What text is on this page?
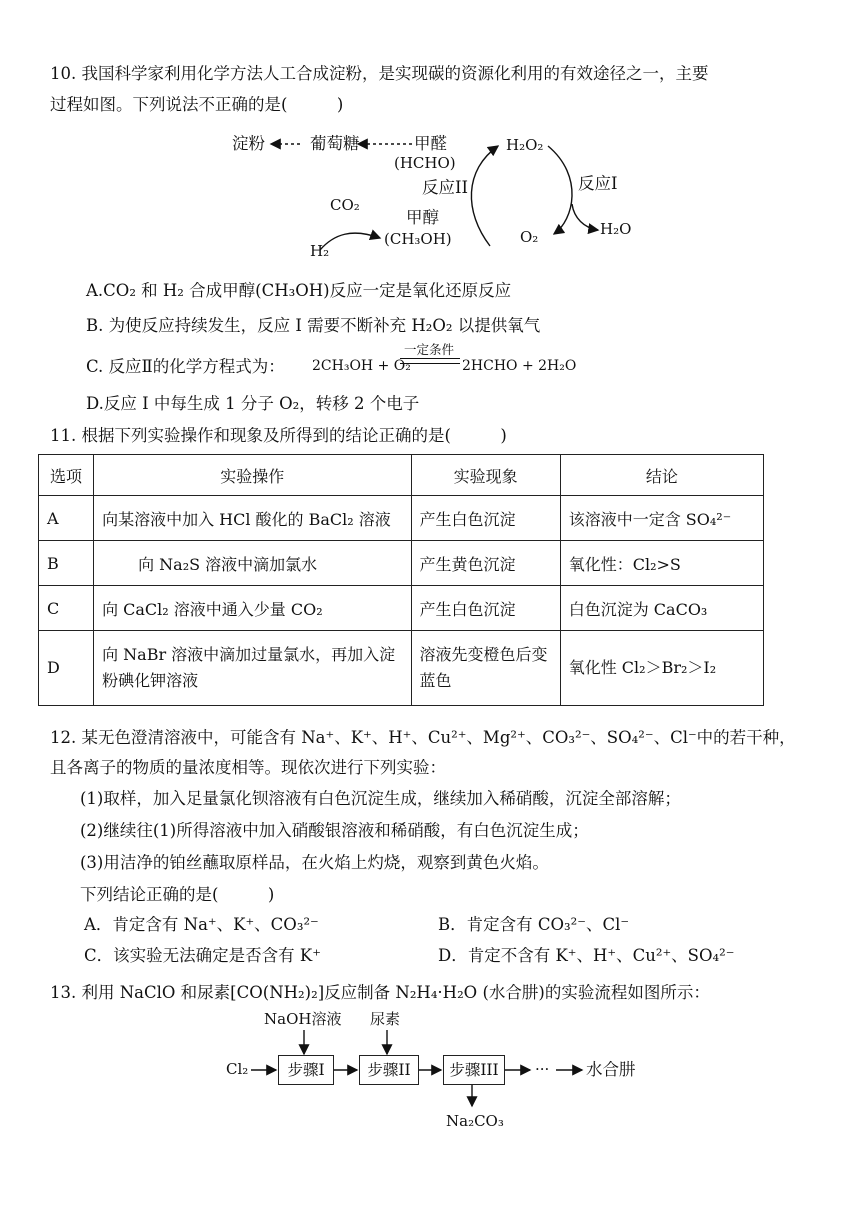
10. 我国科学家利用化学方法人工合成淀粉，是实现碳的资源化利用的有效途径之一，主要
过程如图。下列说法不正确的是(　　　)
淀粉	葡萄糖	甲醛
(HCHO)
H₂O₂
反应II	反应I
CO₂
甲醇
(CH₃OH)
H₂
O₂	H₂O
A.CO₂ 和 H₂ 合成甲醇(CH₃OH)反应一定是氧化还原反应
B. 为使反应持续发生，反应 I 需要不断补充 H₂O₂ 以提供氧气
C. 反应Ⅱ的化学方程式为： 2CH₃OH + O₂
一定条件
2HCHO + 2H₂O
D.反应 I 中每生成 1 分子 O₂，转移 2 个电子
11. 根据下列实验操作和现象及所得到的结论正确的是(　　　)
选项	实验操作	实验现象	结论
A	向某溶液中加入 HCl 酸化的 BaCl₂ 溶液	产生白色沉淀	该溶液中一定含 SO₄²⁻
B	向 Na₂S 溶液中滴加氯水	产生黄色沉淀	氧化性：Cl₂>S
C	向 CaCl₂ 溶液中通入少量 CO₂	产生白色沉淀	白色沉淀为 CaCO₃
D	向 NaBr 溶液中滴加过量氯水，再加入淀粉碘化钾溶液	溶液先变橙色后变蓝色	氧化性 Cl₂＞Br₂＞I₂
12. 某无色澄清溶液中，可能含有 Na⁺、K⁺、H⁺、Cu²⁺、Mg²⁺、CO₃²⁻、SO₄²⁻、Cl⁻中的若干种，
且各离子的物质的量浓度相等。现依次进行下列实验：
(1)取样，加入足量氯化钡溶液有白色沉淀生成，继续加入稀硝酸，沉淀全部溶解；
(2)继续往(1)所得溶液中加入硝酸银溶液和稀硝酸，有白色沉淀生成；
(3)用洁净的铂丝蘸取原样品，在火焰上灼烧，观察到黄色火焰。
下列结论正确的是(　　　)
A．肯定含有 Na⁺、K⁺、CO₃²⁻	B．肯定含有 CO₃²⁻、Cl⁻
C．该实验无法确定是否含有 K⁺	D．肯定不含有 K⁺、H⁺、Cu²⁺、SO₄²⁻
13. 利用 NaClO 和尿素[CO(NH₂)₂]反应制备 N₂H₄·H₂O (水合肼)的实验流程如图所示：
NaOH溶液 尿素
Cl₂	步骤I	步骤II	步骤III	··· 水合肼
Na₂CO₃
